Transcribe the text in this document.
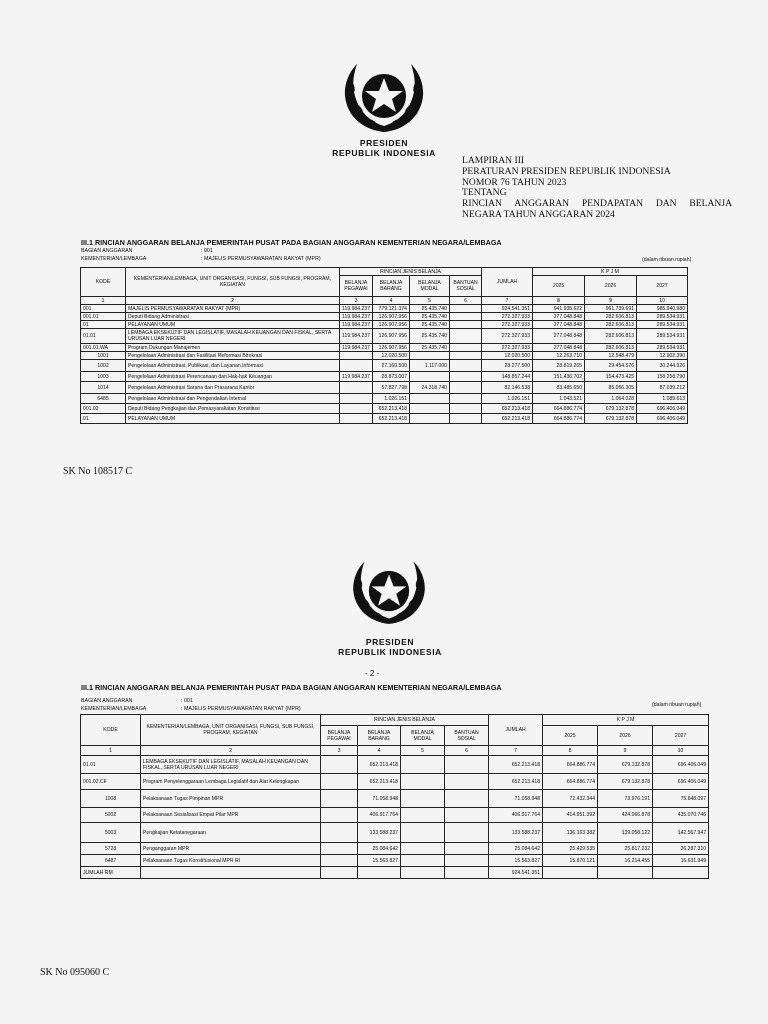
PRESIDEN
REPUBLIK INDONESIA
LAMPIRAN III
PERATURAN PRESIDEN REPUBLIK INDONESIA
NOMOR 76 TAHUN 2023
TENTANG
RINCIAN ANGGARAN PENDAPATAN DAN BELANJA
NEGARA TAHUN ANGGARAN 2024
III.1 RINCIAN ANGGARAN BELANJA PEMERINTAH PUSAT PADA BAGIAN ANGGARAN KEMENTERIAN NEGARA/LEMBAGA
BAGIAN ANGGARAN	: 001
KEMENTERIAN/LEMBAGA	: MAJELIS PERMUSYAWARATAN RAKYAT (MPR)	(dalam ribuan rupiah)
KODE	KEMENTERIAN/LEMBAGA, UNIT ORGANISASI, FUNGSI, SUB FUNGSI, PROGRAM, KEGIATAN	RINCIAN JENIS BELANJA				JUMLAH	K P J M		
		BELANJA PEGAWAI	BELANJA BARANG	BELANJA MODAL	BANTUAN SOSIAL		2025	2026	2027
1	2	3	4	5	6	7	8	9	10
001	MAJELIS PERMUSYAWARATAN RAKYAT (MPR)	119.984.237	779.121.374	25.435.740		924.541.351	941.935.622	961.739.691	985.940.980
001.01	Deputi Bidang Administrasi	119.984.237	126.907.956	25.435.740		272.327.933	277.048.848	282.606.813	289.534.931
01	PELAYANAN UMUM	119.984.237	126.907.956	25.435.740		272.327.933	277.048.848	282.606.813	289.534.931
01.01	LEMBAGA EKSEKUTIF DAN LEGISLATIF, MASALAH KEUANGAN DAN FISKAL, SERTA URUSAN LUAR NEGERI	119.984.237	126.907.956	25.435.740		272.327.933	277.048.848	282.606.813	289.534.931
001.01.WA	Program Dukungan Manajemen	119.984.237	126.907.956	25.435.740		272.327.933	277.048.848	282.606.813	289.534.931
1001	Pengelolaan Administrasi dan Fasilitasi Reformasi Birokrasi		12.020.500			12.020.500	12.263.710	12.548.479	12.902.390
1002	Pengelolaan Administrasi, Publikasi, dan Layanan Informasi		27.160.500	1.117.000		28.277.500	28.819.265	29.454.576	30.244.926
1003	Pengelolaan Administrasi Perencanaan dan Hak-hak Keuangan	119.984.237	28.873.007			148.857.244	151.436.702	154.473.425	158.258.790
1014	Pengelolaan Administrasi Sarana dan Prasarana Kantor		57.827.798	24.318.740		82.146.538	83.485.650	85.066.305	87.039.212
6485	Pengelolaan Administrasi dan Pengendalian Internal		1.026.151			1.026.151	1.043.521	1.064.028	1.089.613
001.02	Deputi Bidang Pengkajian dan Pemasyarakatan Konstitusi		652.213.418			652.213.418	664.886.774	679.132.878	696.406.049
01	PELAYANAN UMUM		652.213.418			652.213.418	664.886.774	679.132.878	696.406.049
SK No 108517 C
PRESIDEN
REPUBLIK INDONESIA
- 2 -
III.1 RINCIAN ANGGARAN BELANJA PEMERINTAH PUSAT PADA BAGIAN ANGGARAN KEMENTERIAN NEGARA/LEMBAGA
BAGIAN ANGGARAN	: 001
KEMENTERIAN/LEMBAGA	: MAJELIS PERMUSYAWARATAN RAKYAT (MPR)
(dalam ribuan rupiah)
KODE	KEMENTERIAN/LEMBAGA, UNIT ORGANISASI, FUNGSI, SUB FUNGSI, PROGRAM, KEGIATAN	RINCIAN JENIS BELANJA				JUMLAH	K P J M		
		BELANJA PEGAWAI	BELANJA BARANG	BELANJA MODAL	BANTUAN SOSIAL		2025	2026	2027
1	2	3	4	5	6	7	8	9	10
01.01	LEMBAGA EKSEKUTIF DAN LEGISLATIF, MASALAH KEUANGAN DAN FISKAL, SERTA URUSAN LUAR NEGERI		652.213.418			652.213.418	664.886.774	679.132.878	696.406.049
001.02.CF	Program Penyelenggaraan Lembaga Legislatif dan Alat Kelengkapan		652.213.418			652.213.418	664.886.774	679.132.878	696.406.049
1008	Pelaksanaan Tugas Pimpinan MPR		71.058.948			71.058.948	72.432.344	73.976.191	75.848.097
5002	Pelaksanaan Sosialisasi Empat Pilar MPR		406.917.764			406.917.764	414.951.392	424.066.878	435.070.746
5003	Pengkajian Ketatanegaraan		133.588.237			133.588.237	136.163.382	139.058.122	142.567.947
5728	Penganggaran MPR		25.084.642			25.084.642	25.429.535	25.817.232	26.287.310
6487	Pelaksanaan Tugas Konstitusional MPR RI		15.563.827			15.563.827	15.870.121	16.214.455	16.631.949
JUMLAH RM						924.541.351			
SK No 095060 C
